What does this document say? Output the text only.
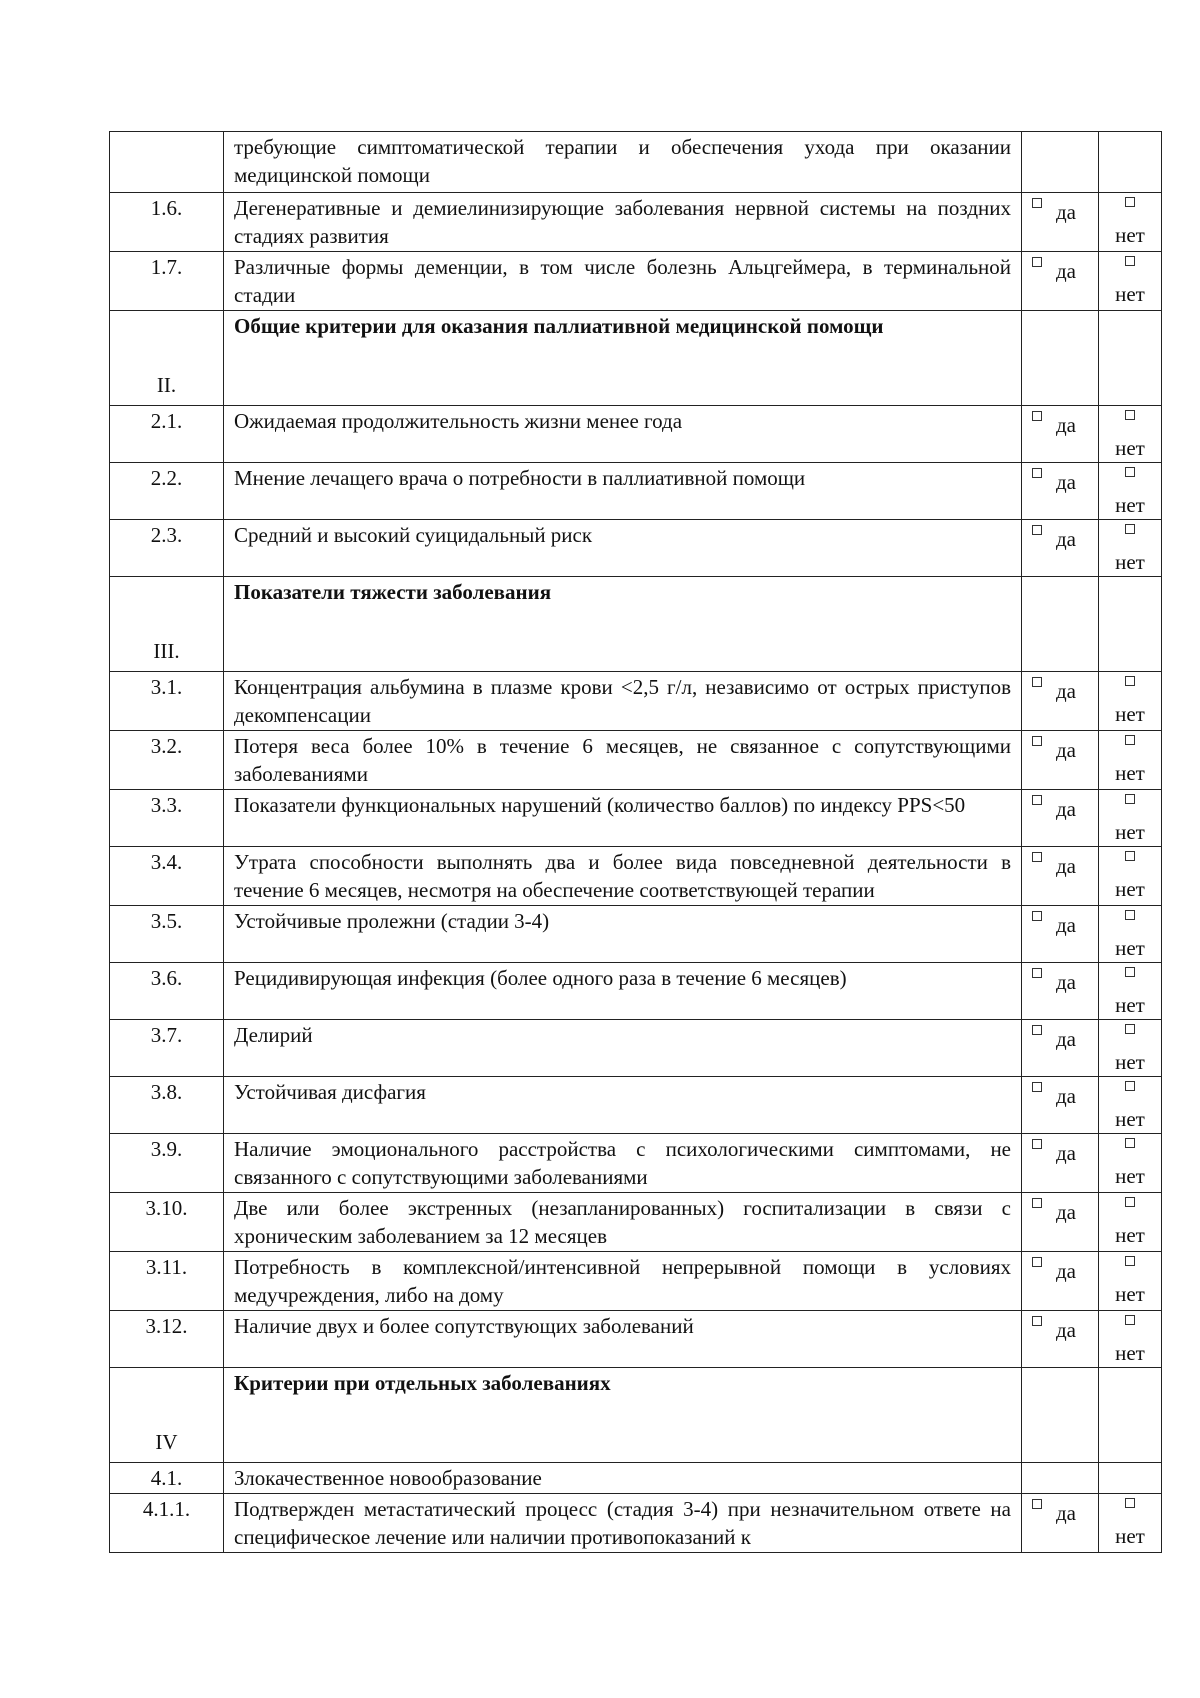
	требующие симптоматической терапии и обеспечения ухода при оказании медицинской помощи		
1.6.	Дегенеративные и демиелинизирующие заболевания нервной системы на поздних стадиях развития	да	нет

1.7.	Различные формы деменции, в том числе болезнь Альцгеймера, в терминальной стадии	да	нет

II.	Общие критерии для оказания паллиативной медицинской помощи		
2.1.	Ожидаемая продолжительность жизни менее года	да	нет

2.2.	Мнение лечащего врача о потребности в паллиативной помощи	да	нет

2.3.	Средний и высокий суицидальный риск	да	нет

III.	Показатели тяжести заболевания		
3.1.	Концентрация альбумина в плазме крови <2,5 г/л, независимо от острых приступов декомпенсации	да	нет

3.2.	Потеря веса более 10% в течение 6 месяцев, не связанное с сопутствующими заболеваниями	да	нет

3.3.	Показатели функциональных нарушений (количество баллов) по индексу PPS<50	да	нет

3.4.	Утрата способности выполнять два и более вида повседневной деятельности в течение 6 месяцев, несмотря на обеспечение соответствующей терапии	да	нет

3.5.	Устойчивые пролежни (стадии 3-4)	да	нет

3.6.	Рецидивирующая инфекция (более одного раза в течение 6 месяцев)	да	нет

3.7.	Делирий	да	нет

3.8.	Устойчивая дисфагия	да	нет

3.9.	Наличие эмоционального расстройства с психологическими симптомами, не связанного с сопутствующими заболеваниями	да	нет

3.10.	Две или более экстренных (незапланированных) госпитализации в связи с хроническим заболеванием за 12 месяцев	да	нет

3.11.	Потребность в комплексной/интенсивной непрерывной помощи в условиях медучреждения, либо на дому	да	нет

3.12.	Наличие двух и более сопутствующих заболеваний	да	нет

IV	Критерии при отдельных заболеваниях		
4.1.	Злокачественное новообразование		
4.1.1.	Подтвержден метастатический процесс (стадия 3-4) при незначительном ответе на специфическое лечение или наличии противопоказаний к	да	нет
